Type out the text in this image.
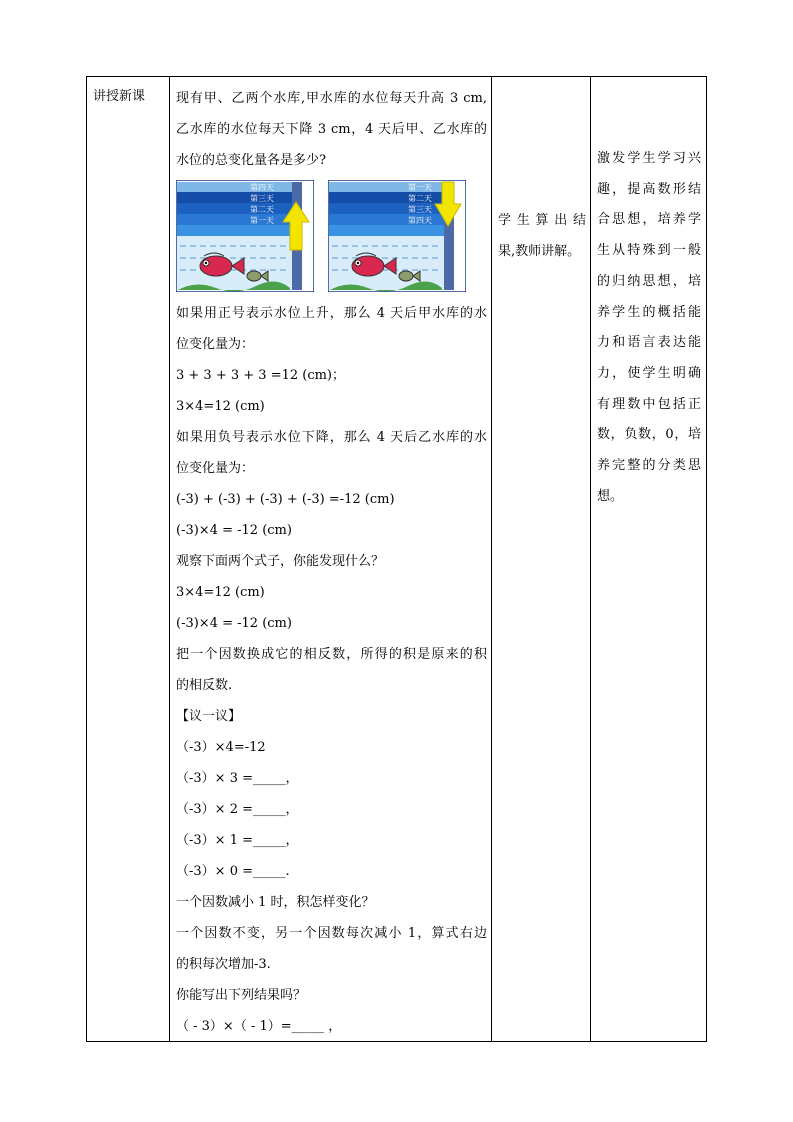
讲授新课	现有甲、乙两个水库,甲水库的水位每天升高 3 cm,

乙水库的水位每天下降 3 cm，4 天后甲、乙水库的

水位的总变化量各是多少?

第四天
第三天
第二天
第一天
第一天
第二天
第三天
第四天

如果用正号表示水位上升，那么 4 天后甲水库的水

位变化量为：

3 + 3 + 3 + 3 =12 (cm)；

3×4=12 (cm)

如果用负号表示水位下降，那么 4 天后乙水库的水

位变化量为：

(-3) + (-3) + (-3) + (-3) =-12 (cm)

(-3)×4 = -12 (cm)

观察下面两个式子，你能发现什么？

3×4=12 (cm)

(-3)×4 = -12 (cm)

把一个因数换成它的相反数，所得的积是原来的积

的相反数.

【议一议】

（-3）×4=-12

（-3）× 3 =_____，

（-3）× 2 =_____，

（-3）× 1 =_____，

（-3）× 0 =_____.

一个因数减小 1 时，积怎样变化？

一个因数不变，另一个因数每次减小 1，算式右边

的积每次增加-3.

你能写出下列结果吗？

（ - 3）×（ - 1）=_____ ，

学 生 算 出 结
果,教师讲解。
激发学生学习兴
趣，提高数形结
合思想，培养学
生从特殊到一般
的归纳思想，培
养学生的概括能
力和语言表达能
力，使学生明确
有理数中包括正
数，负数，0，培
养完整的分类思
想。
